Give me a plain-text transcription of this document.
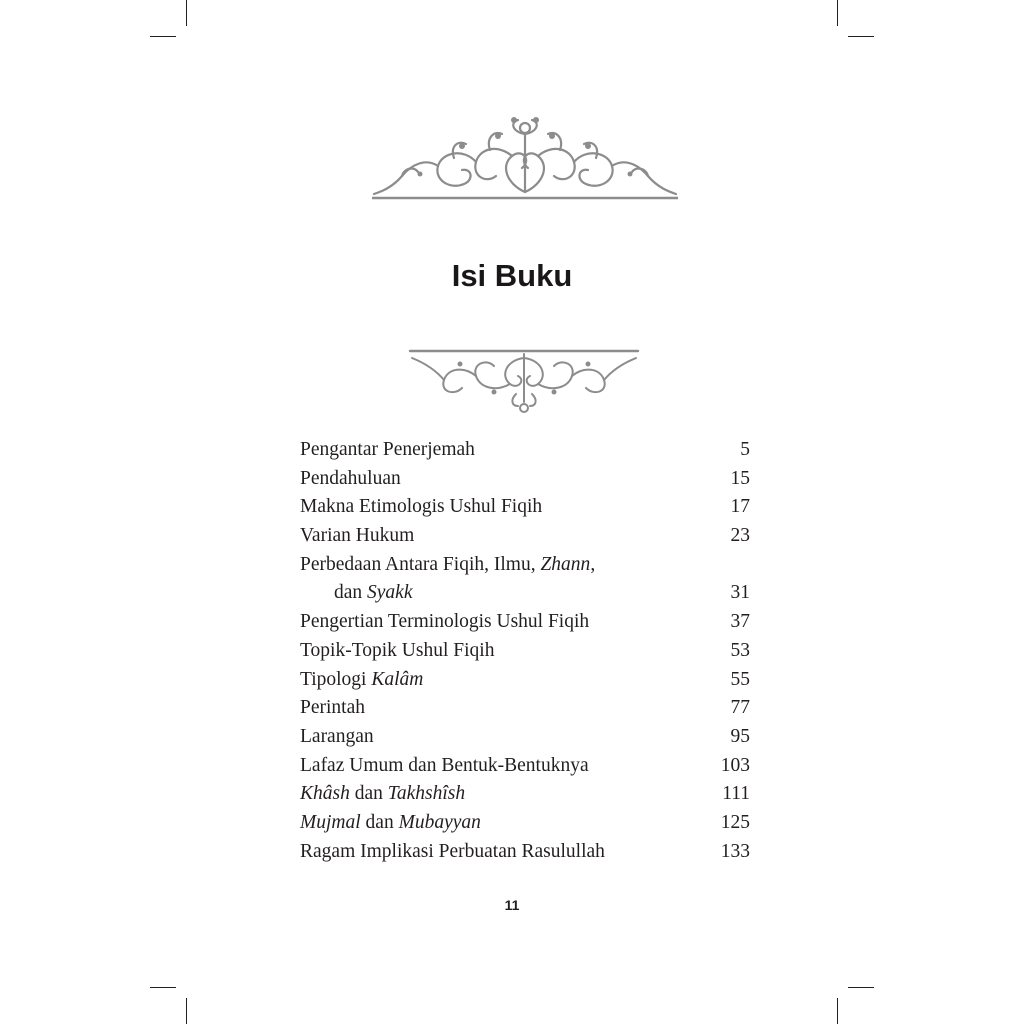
Isi Buku
Pengantar Penerjemah	5
Pendahuluan	15
Makna Etimologis Ushul Fiqih	17
Varian Hukum	23
Perbedaan Antara Fiqih, Ilmu, Zhann,
dan Syakk	31
Pengertian Terminologis Ushul Fiqih	37
Topik-Topik Ushul Fiqih	53
Tipologi Kalâm	55
Perintah	77
Larangan	95
Lafaz Umum dan Bentuk-Bentuknya	103
Khâsh dan Takhshîsh	111
Mujmal dan Mubayyan	125
Ragam Implikasi Perbuatan Rasulullah	133
11
